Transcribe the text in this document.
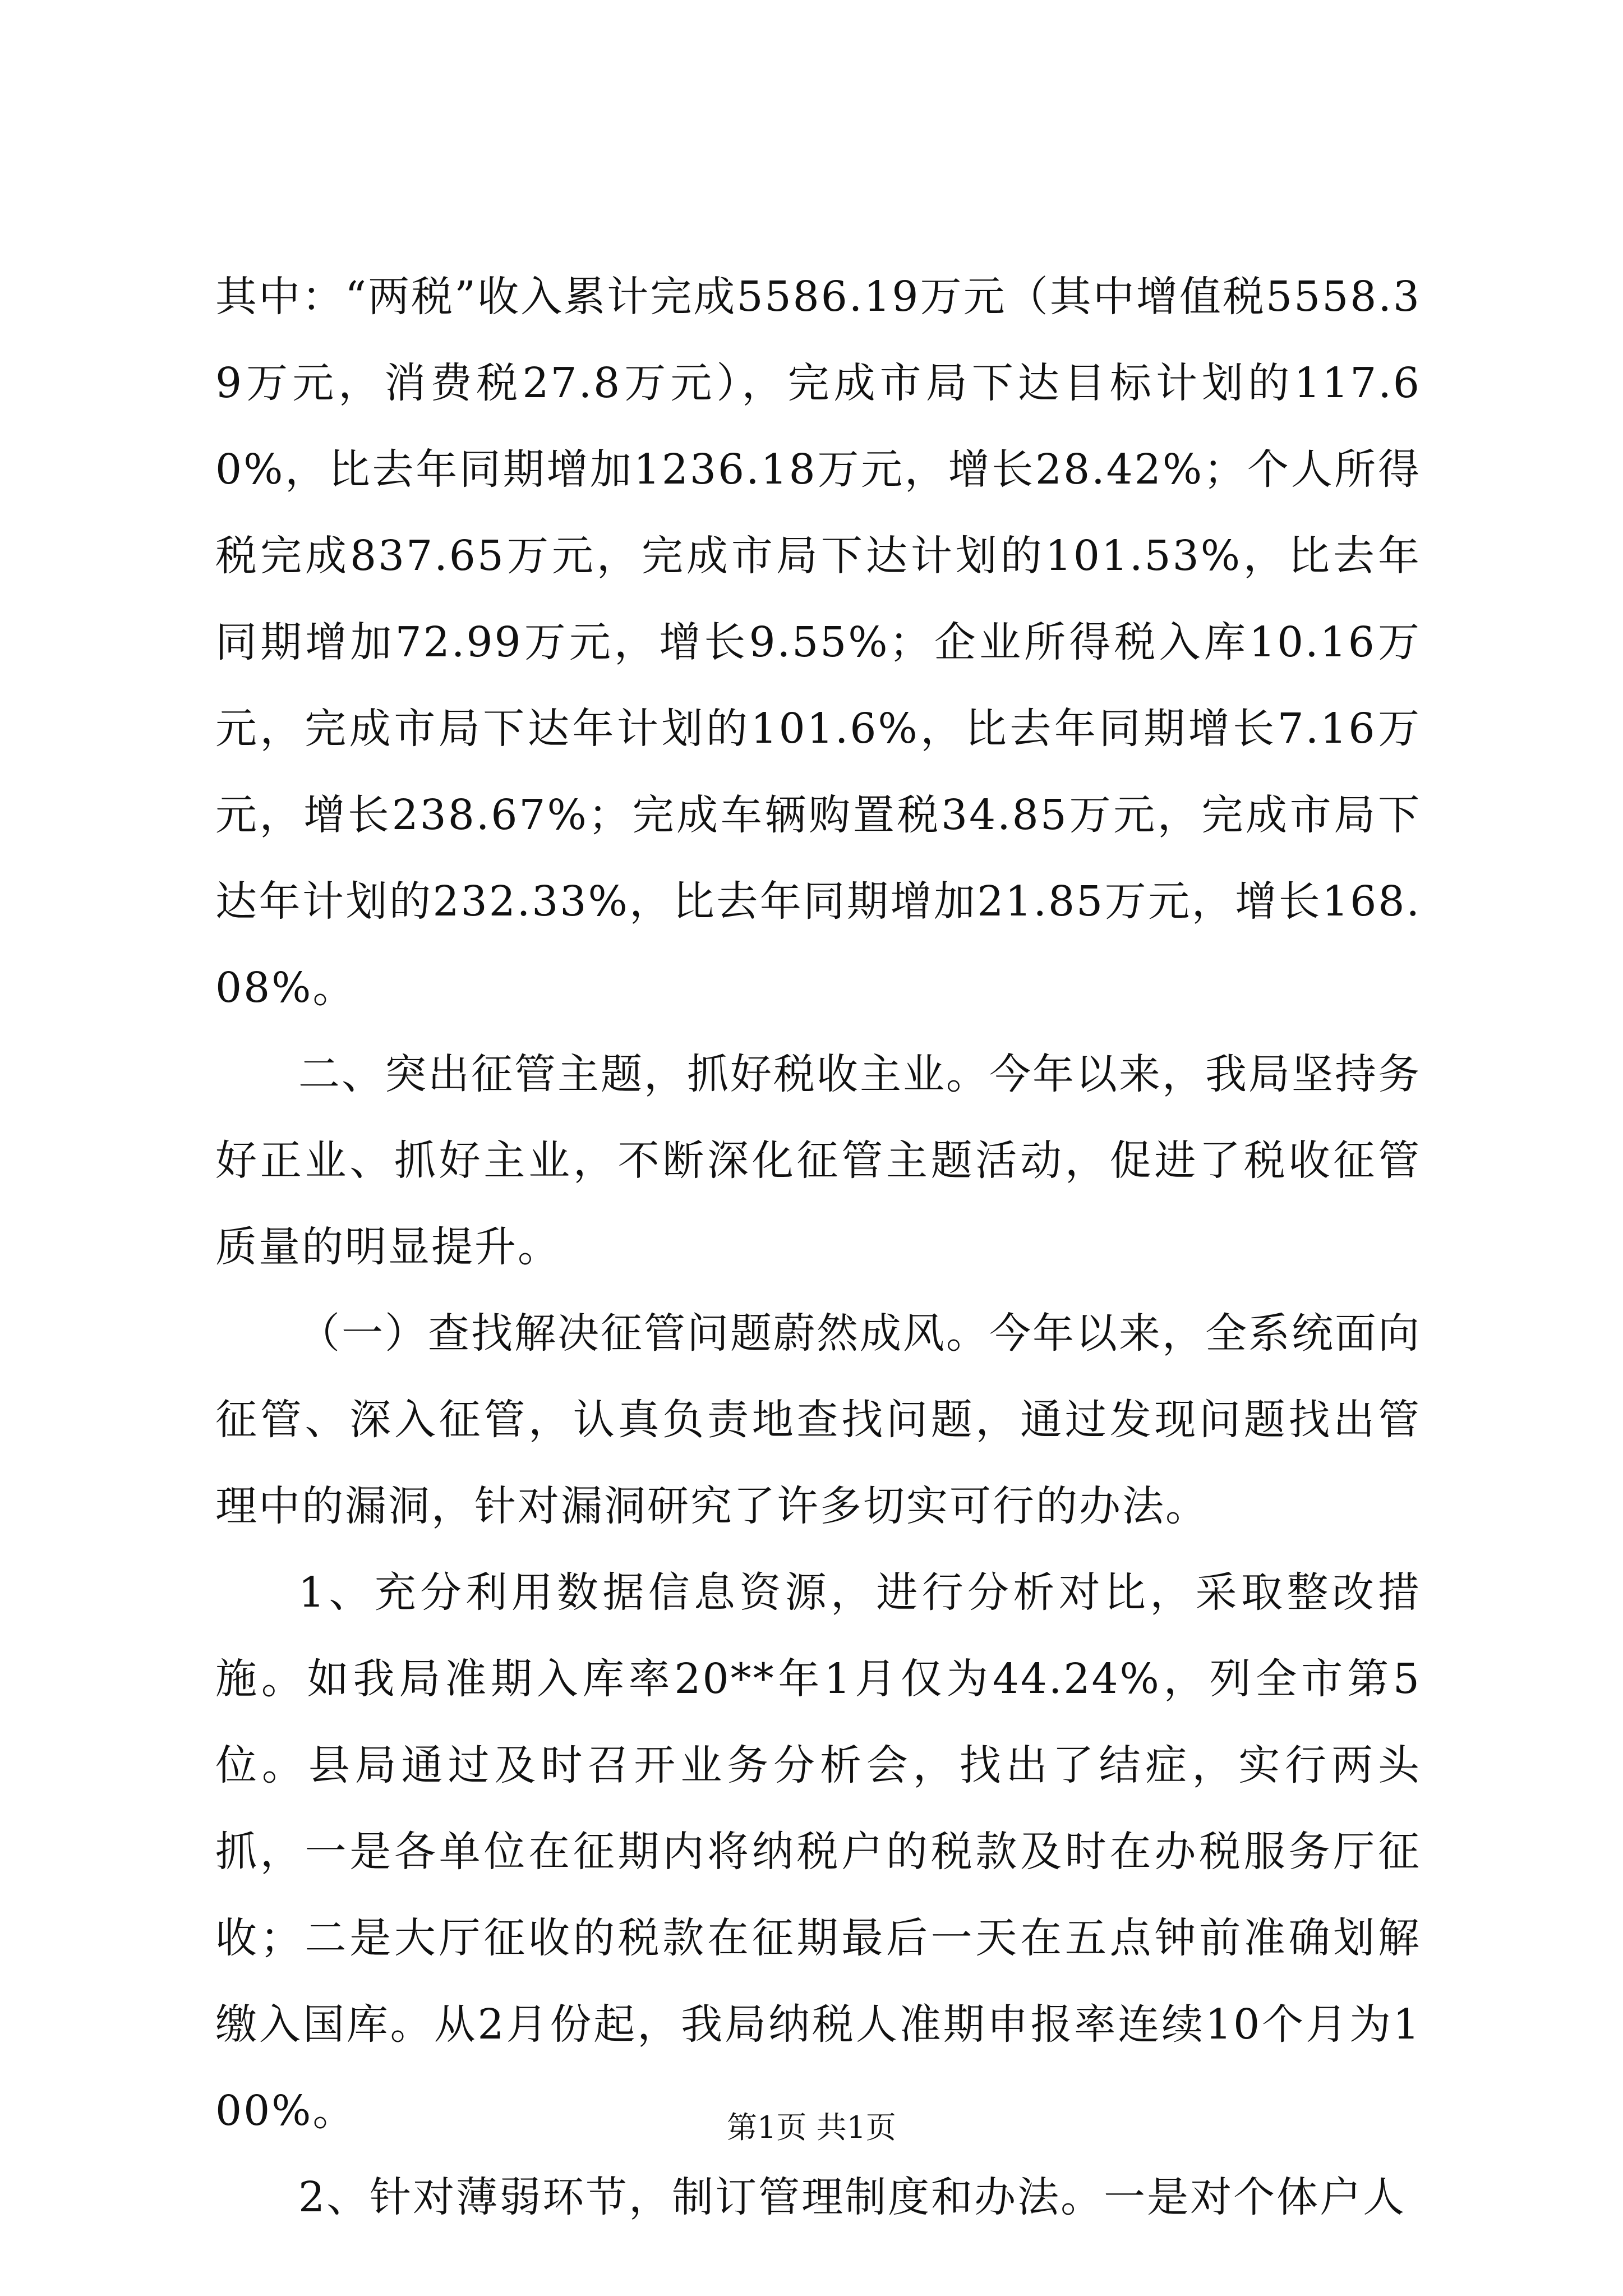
其中：“两税”收入累计完成5586.19万元（其中增值税5558.39万元，消费税27.8万元），完成市局下达目标计划的117.60%，比去年同期增加1236.18万元，增长28.42%；个人所得税完成837.65万元，完成市局下达计划的101.53%，比去年同期增加72.99万元，增长9.55%；企业所得税入库10.16万元，完成市局下达年计划的101.6%，比去年同期增长7.16万元，增长238.67%；完成车辆购置税34.85万元，完成市局下达年计划的232.33%，比去年同期增加21.85万元，增长168.08%。

二、突出征管主题，抓好税收主业。今年以来，我局坚持务好正业、抓好主业，不断深化征管主题活动，促进了税收征管质量的明显提升。

（一）查找解决征管问题蔚然成风。今年以来，全系统面向征管、深入征管，认真负责地查找问题，通过发现问题找出管理中的漏洞，针对漏洞研究了许多切实可行的办法。

1、充分利用数据信息资源，进行分析对比，采取整改措施。如我局准期入库率20**年1月仅为44.24%，列全市第5位。县局通过及时召开业务分析会，找出了结症，实行两头抓，一是各单位在征期内将纳税户的税款及时在办税服务厅征收；二是大厅征收的税款在征期最后一天在五点钟前准确划解缴入国库。从2月份起，我局纳税人准期申报率连续10个月为100%。

2、针对薄弱环节，制订管理制度和办法。一是对个体户人

第1页 共1页
